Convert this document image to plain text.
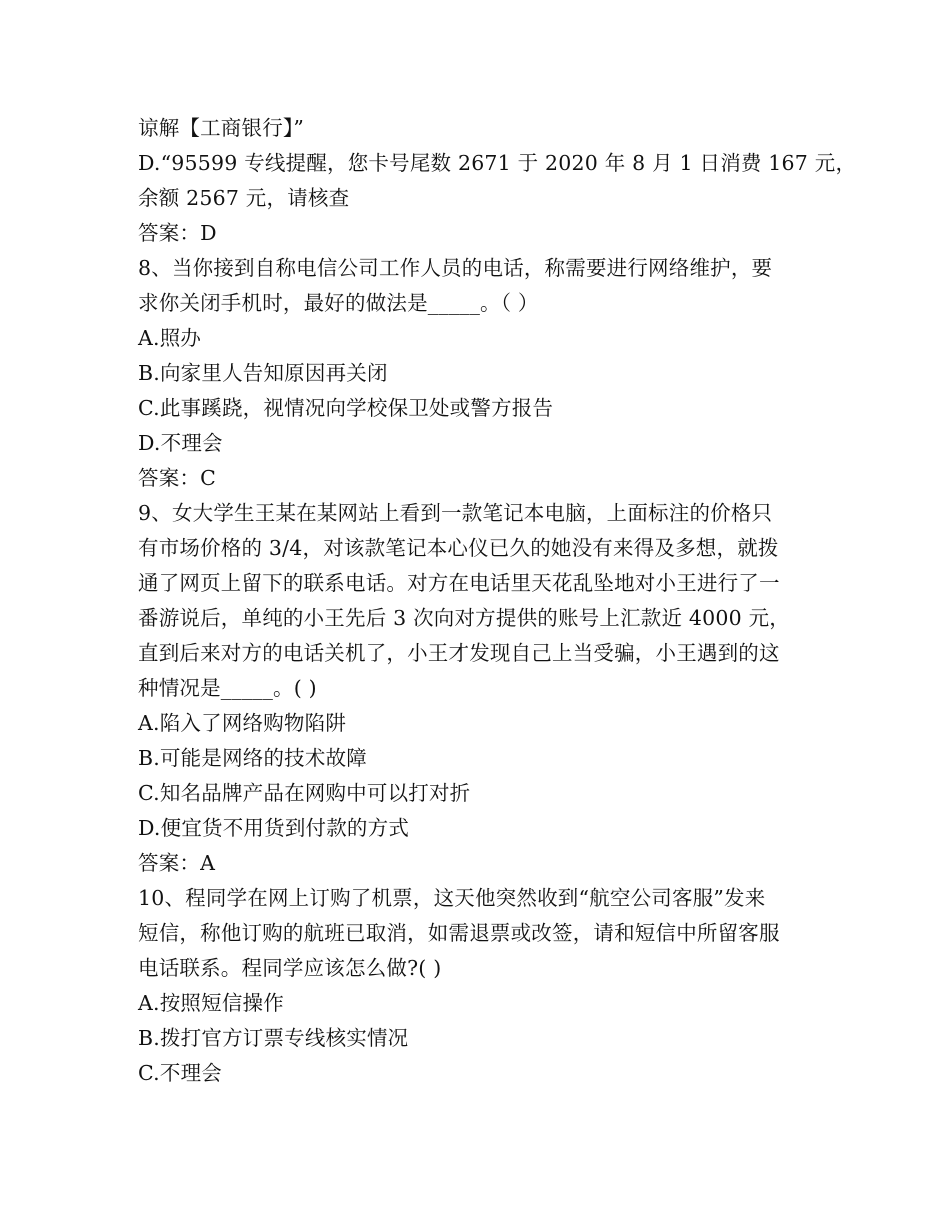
谅解【工商银行】”
D.“95599 专线提醒，您卡号尾数 2671 于 2020 年 8 月 1 日消费 167 元，
余额 2567 元，请核查
答案：D
8、当你接到自称电信公司工作人员的电话，称需要进行网络维护，要
求你关闭手机时，最好的做法是_____。（ ）
A.照办
B.向家里人告知原因再关闭
C.此事蹊跷，视情况向学校保卫处或警方报告
D.不理会
答案：C
9、女大学生王某在某网站上看到一款笔记本电脑，上面标注的价格只
有市场价格的 3/4，对该款笔记本心仪已久的她没有来得及多想，就拨
通了网页上留下的联系电话。对方在电话里天花乱坠地对小王进行了一
番游说后，单纯的小王先后 3 次向对方提供的账号上汇款近 4000 元，
直到后来对方的电话关机了，小王才发现自己上当受骗，小王遇到的这
种情况是_____。( )
A.陷入了网络购物陷阱
B.可能是网络的技术故障
C.知名品牌产品在网购中可以打对折
D.便宜货不用货到付款的方式
答案：A
10、程同学在网上订购了机票，这天他突然收到“航空公司客服”发来
短信，称他订购的航班已取消，如需退票或改签，请和短信中所留客服
电话联系。程同学应该怎么做?( )
A.按照短信操作
B.拨打官方订票专线核实情况
C.不理会
